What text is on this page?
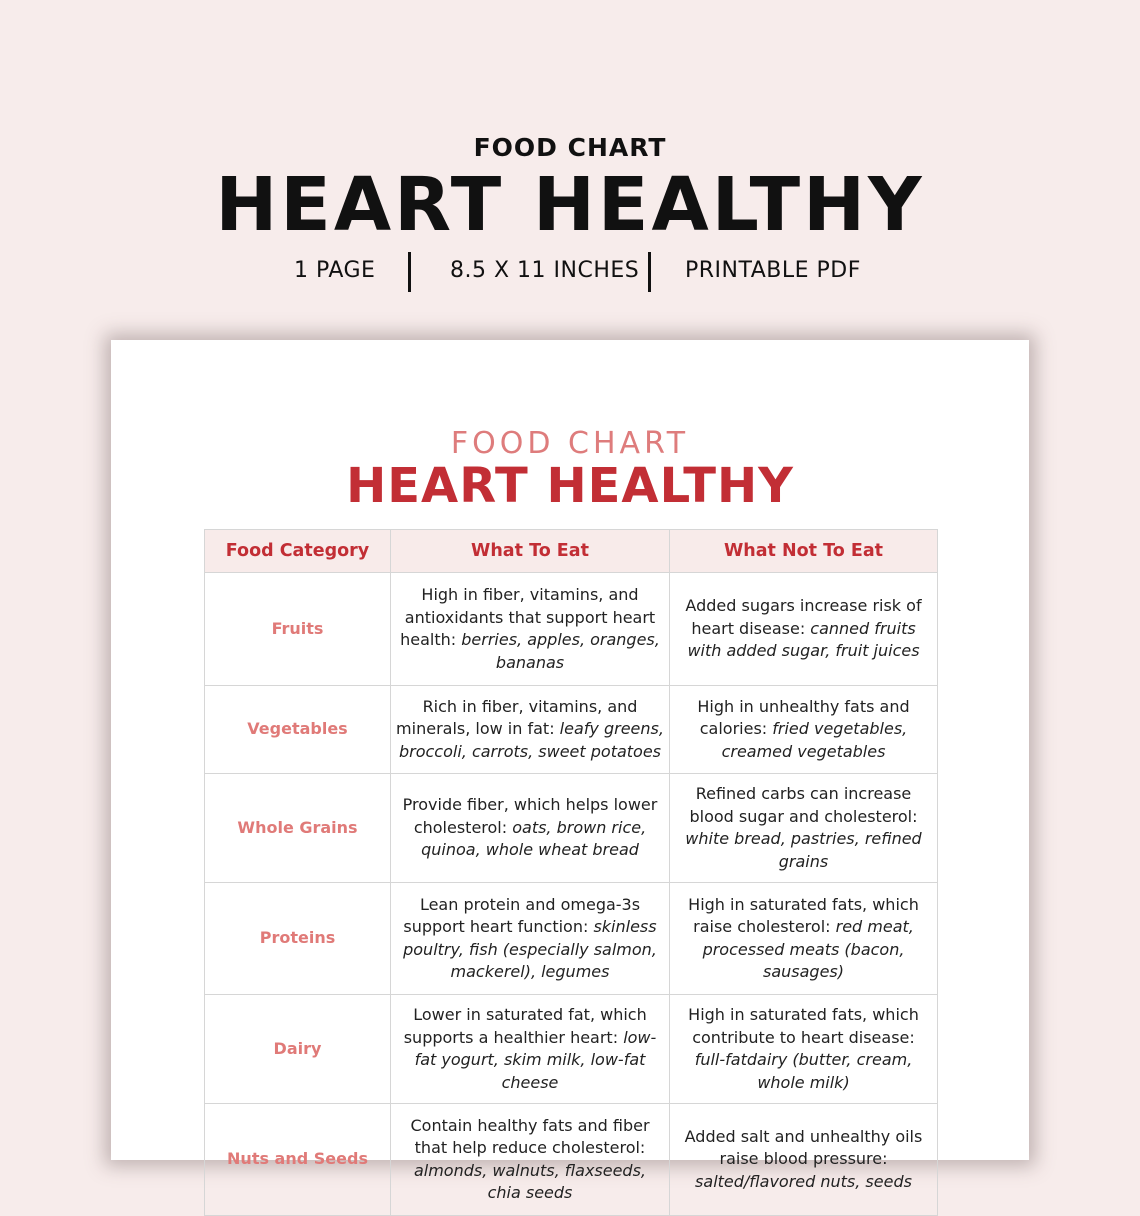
FOOD CHART
HEART HEALTHY
1 PAGE	8.5 X 11 INCHES PRINTABLE PDF
FOOD CHART
HEART HEALTHY
Food Category	What To Eat	What Not To Eat
Fruits	High in fiber, vitamins, and antioxidants that support heart health: berries, apples, oranges, bananas	Added sugars increase risk of heart disease: canned fruits with added sugar, fruit juices
Vegetables	Rich in fiber, vitamins, and minerals, low in fat: leafy greens, broccoli, carrots, sweet potatoes	High in unhealthy fats and calories: fried vegetables, creamed vegetables
Whole Grains	Provide fiber, which helps lower cholesterol: oats, brown rice, quinoa, whole wheat bread	Refined carbs can increase blood sugar and cholesterol: white bread, pastries, refined grains
Proteins	Lean protein and omega-3s support heart function: skinless poultry, fish (especially salmon, mackerel), legumes	High in saturated fats, which raise cholesterol: red meat, processed meats (bacon, sausages)
Dairy	Lower in saturated fat, which supports a healthier heart: low-fat yogurt, skim milk, low-fat cheese	High in saturated fats, which contribute to heart disease: full-fatdairy (butter, cream, whole milk)
Nuts and Seeds	Contain healthy fats and fiber that help reduce cholesterol: almonds, walnuts, flaxseeds, chia seeds	Added salt and unhealthy oils raise blood pressure: salted/flavored nuts, seeds
